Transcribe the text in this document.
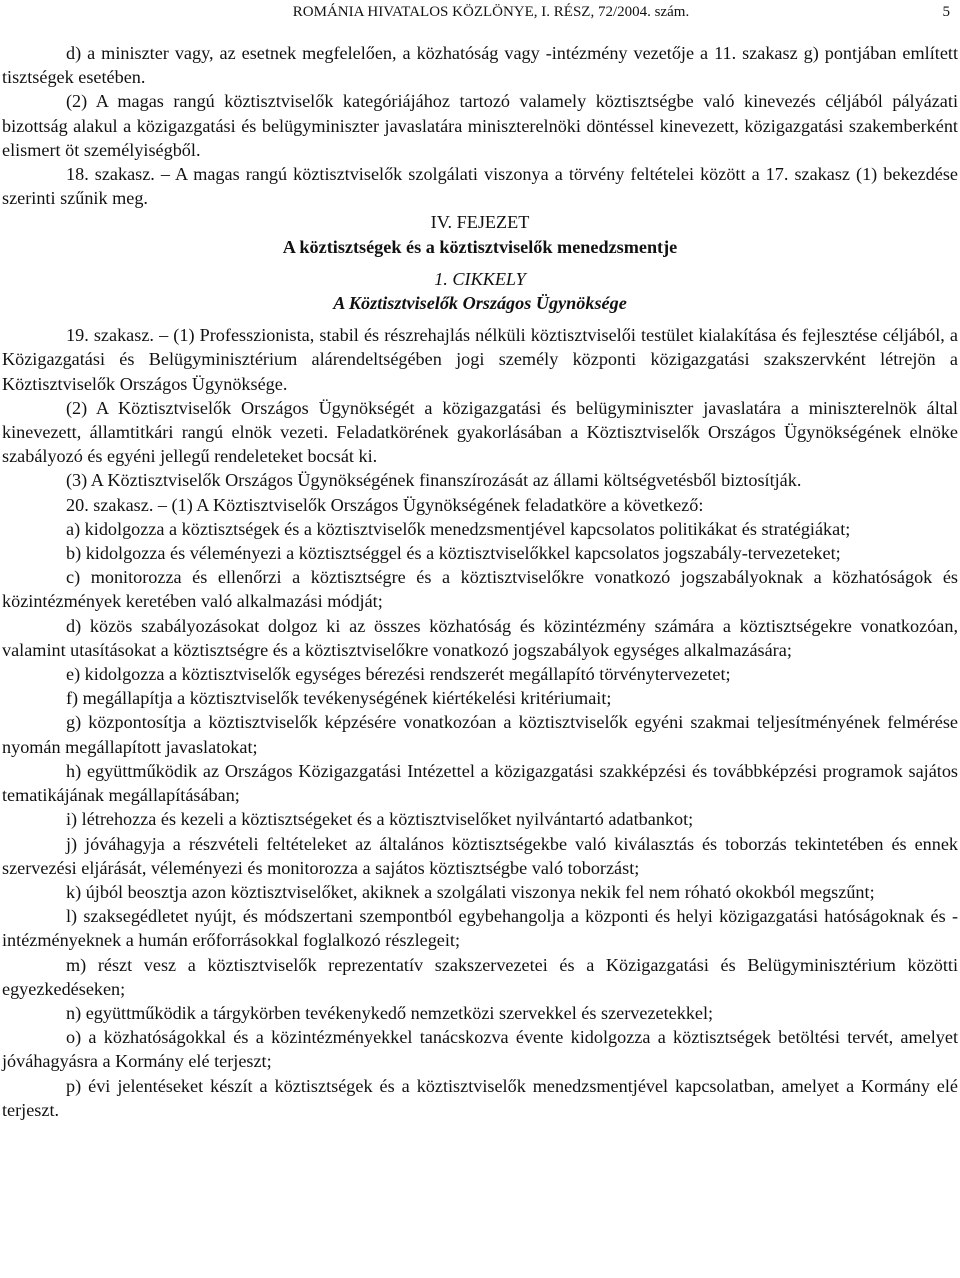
ROMÁNIA HIVATALOS KÖZLÖNYE, I. RÉSZ, 72/2004. szám.	5

d) a miniszter vagy, az esetnek megfelelően, a közhatóság vagy -intézmény vezetője a 11. szakasz g) pontjában említett tisztségek esetében.

(2) A magas rangú köztisztviselők kategóriájához tartozó valamely köztisztségbe való kinevezés céljából pályázati bizottság alakul a közigazgatási és belügyminiszter javaslatára miniszterelnöki döntéssel kinevezett, közigazgatási szakemberként elismert öt személyiségből.

18. szakasz. – A magas rangú köztisztviselők szolgálati viszonya a törvény feltételei között a 17. szakasz (1) bekezdése szerinti szűnik meg.

IV. FEJEZET

A köztisztségek és a köztisztviselők menedzsmentje

1. CIKKELY

A Köztisztviselők Országos Ügynöksége

19. szakasz. – (1) Professzionista, stabil és részrehajlás nélküli köztisztviselői testület kialakítása és fejlesztése céljából, a Közigazgatási és Belügyminisztérium alárendeltségében jogi személy központi közigazgatási szakszervként létrejön a Köztisztviselők Országos Ügynöksége.

(2) A Köztisztviselők Országos Ügynökségét a közigazgatási és belügyminiszter javaslatára a miniszterelnök által kinevezett, államtitkári rangú elnök vezeti. Feladatkörének gyakorlásában a Köztisztviselők Országos Ügynökségének elnöke szabályozó és egyéni jellegű rendeleteket bocsát ki.

(3) A Köztisztviselők Országos Ügynökségének finanszírozását az állami költségvetésből biztosítják.

20. szakasz. – (1) A Köztisztviselők Országos Ügynökségének feladatköre a következő:

a) kidolgozza a köztisztségek és a köztisztviselők menedzsmentjével kapcsolatos politikákat és stratégiákat;

b) kidolgozza és véleményezi a köztisztséggel és a köztisztviselőkkel kapcsolatos jogszabály-tervezeteket;

c) monitorozza és ellenőrzi a köztisztségre és a köztisztviselőkre vonatkozó jogszabályoknak a közhatóságok és közintézmények keretében való alkalmazási módját;

d) közös szabályozásokat dolgoz ki az összes közhatóság és közintézmény számára a köztisztségekre vonatkozóan, valamint utasításokat a köztisztségre és a köztisztviselőkre vonatkozó jogszabályok egységes alkalmazására;

e) kidolgozza a köztisztviselők egységes bérezési rendszerét megállapító törvénytervezetet;

f) megállapítja a köztisztviselők tevékenységének kiértékelési kritériumait;

g) központosítja a köztisztviselők képzésére vonatkozóan a köztisztviselők egyéni szakmai teljesítményének felmérése nyomán megállapított javaslatokat;

h) együttműködik az Országos Közigazgatási Intézettel a közigazgatási szakképzési és továbbképzési programok sajátos tematikájának megállapításában;

i) létrehozza és kezeli a köztisztségeket és a köztisztviselőket nyilvántartó adatbankot;

j) jóváhagyja a részvételi feltételeket az általános köztisztségekbe való kiválasztás és toborzás tekintetében és ennek szervezési eljárását, véleményezi és monitorozza a sajátos köztisztségbe való toborzást;

k) újból beosztja azon köztisztviselőket, akiknek a szolgálati viszonya nekik fel nem róható okokból megszűnt;

l) szaksegédletet nyújt, és módszertani szempontból egybehangolja a központi és helyi közigazgatási hatóságoknak és -intézményeknek a humán erőforrásokkal foglalkozó részlegeit;

m) részt vesz a köztisztviselők reprezentatív szakszervezetei és a Közigazgatási és Belügyminisztérium közötti egyezkedéseken;

n) együttműködik a tárgykörben tevékenykedő nemzetközi szervekkel és szervezetekkel;

o) a közhatóságokkal és a közintézményekkel tanácskozva évente kidolgozza a köztisztségek betöltési tervét, amelyet jóváhagyásra a Kormány elé terjeszt;

p) évi jelentéseket készít a köztisztségek és a köztisztviselők menedzsmentjével kapcsolatban, amelyet a Kormány elé terjeszt.
